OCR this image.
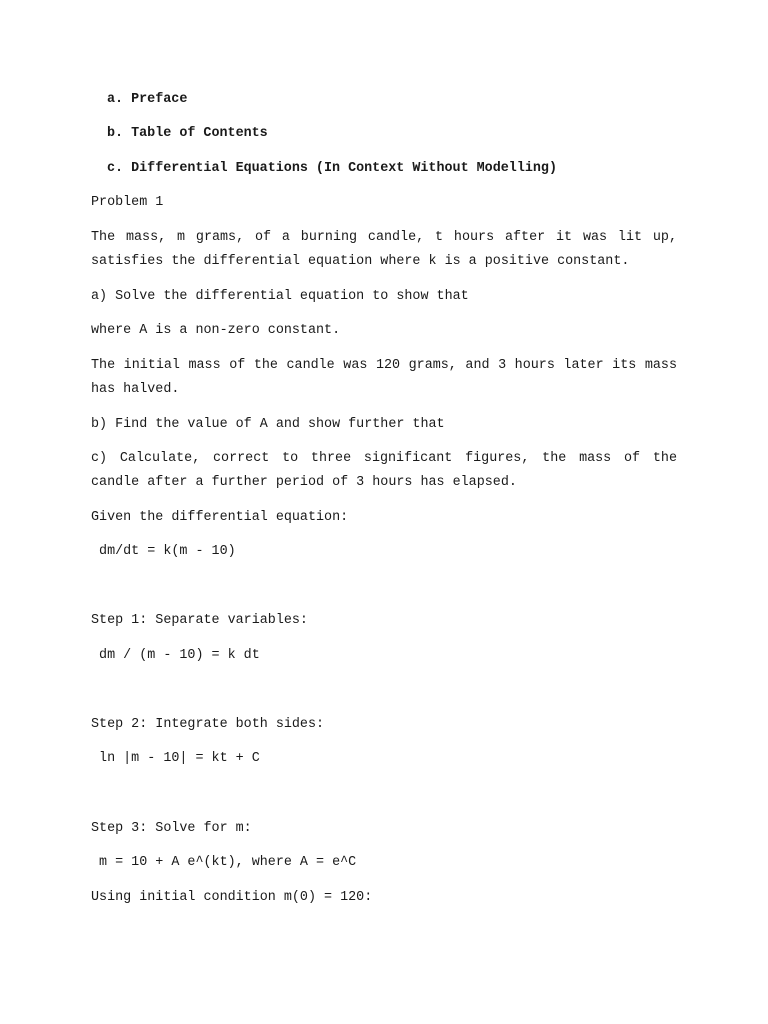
a. Preface
b. Table of Contents
c. Differential Equations (In Context Without Modelling)
Problem 1
The mass, m grams, of a burning candle, t hours after it was lit up, satisfies the differential equation where k is a positive constant.
a) Solve the differential equation to show that
where A is a non-zero constant.
The initial mass of the candle was 120 grams, and 3 hours later its mass has halved.
b) Find the value of A and show further that
c) Calculate, correct to three significant figures, the mass of the candle after a further period of 3 hours has elapsed.
Given the differential equation:
dm/dt = k(m - 10)
Step 1: Separate variables:
dm / (m - 10) = k dt
Step 2: Integrate both sides:
ln |m - 10| = kt + C
Step 3: Solve for m:
m = 10 + A e^(kt), where A = e^C
Using initial condition m(0) = 120:
